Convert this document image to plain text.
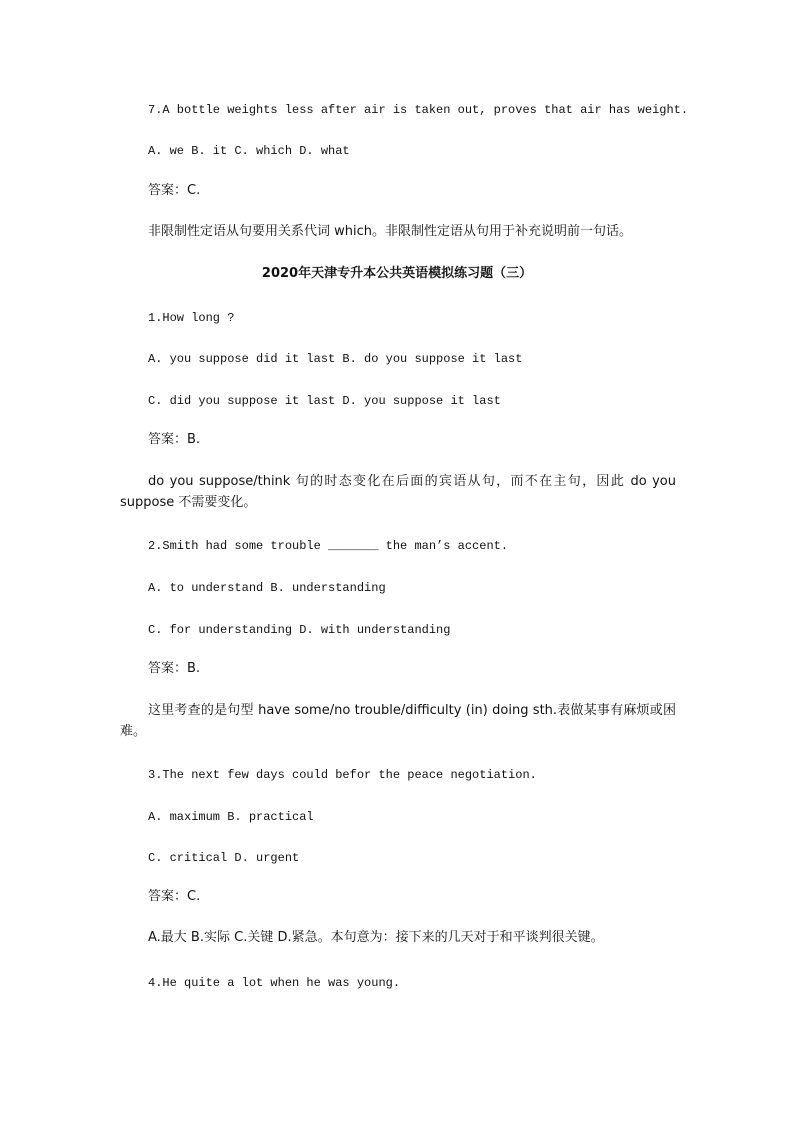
7.A bottle weights less after air is taken out, proves that air has weight.
A. we B. it C. which D. what
答案：C.
非限制性定语从句要用关系代词 which。非限制性定语从句用于补充说明前一句话。
2020年天津专升本公共英语模拟练习题（三）
1.How long ?
A. you suppose did it last B. do you suppose it last
C. did you suppose it last D. you suppose it last
答案：B.
do you suppose/think 句的时态变化在后面的宾语从句，而不在主句，因此 do you suppose 不需要变化。
2.Smith had some trouble _______ the man’s accent.
A. to understand B. understanding
C. for understanding D. with understanding
答案：B.
这里考查的是句型 have some/no trouble/difficulty (in) doing sth.表做某事有麻烦或困难。
3.The next few days could befor the peace negotiation.
A. maximum B. practical
C. critical D. urgent
答案：C.
A.最大 B.实际 C.关键 D.紧急。本句意为：接下来的几天对于和平谈判很关键。
4.He quite a lot when he was young.
